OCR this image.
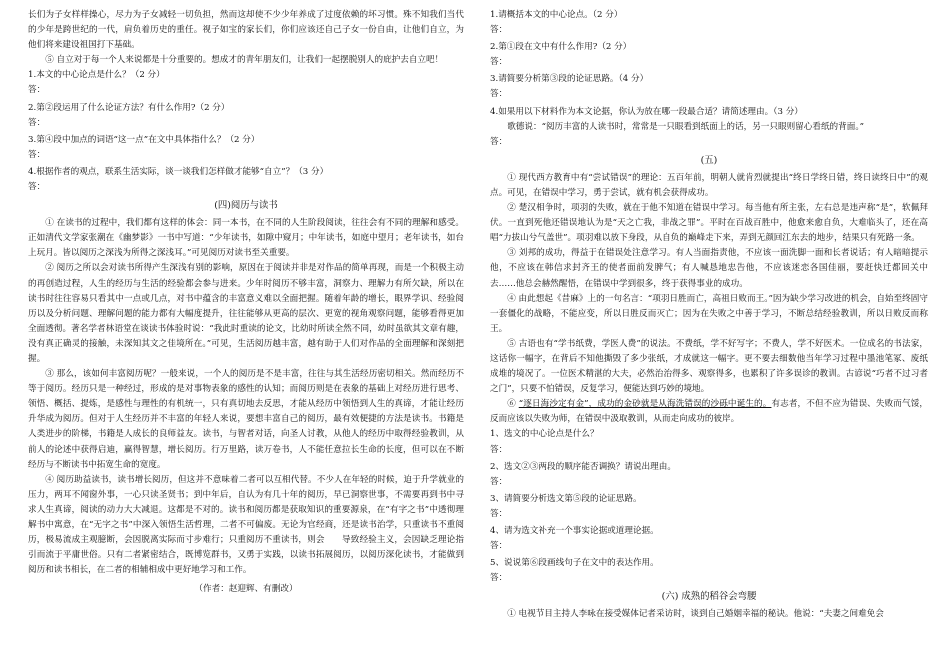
长们为子女样样操心，尽力为子女减轻一切负担，然而这却使不少少年养成了过度依赖的坏习惯。殊不知我们当代的少年是跨世纪的一代，肩负着历史的重任。视子如宝的家长们，你们应该还自己子女一份自由，让他们自立，为他们将来建设祖国打下基础。

⑤ 自立对于每一个人来说都是十分重要的。想成才的青年朋友们，让我们一起摆脱别人的庇护去自立吧！

1.本文的中心论点是什么？（2 分）

答：

2.第②段运用了什么论证方法？有什么作用?（2 分）

答：

3.第④段中加点的词语“这一点”在文中具体指什么？（2 分）

答：

4.根据作者的观点，联系生活实际，谈一谈我们怎样做才能够“自立”？（3 分）

答：

(四)阅历与读书

① 在读书的过程中，我们都有这样的体会：同一本书，在不同的人生阶段阅读，往往会有不同的理解和感受。正如清代文学家张潮在《幽梦影》一书中写道：“少年读书，如隙中窥月；中年读书，如庭中望月；老年读书，如台上玩月。皆以阅历之深浅为所得之深浅耳。”可见阅历对读书至关重要。

② 阅历之所以会对读书所得产生深浅有别的影响，原因在于阅读并非是对作品的简单再现，而是一个积极主动的再创造过程，人生的经历与生活的经验都会参与进来。少年时阅历不够丰富，洞察力、理解力有所欠缺，所以在读书时往往容易只看其中一点或几点，对书中蕴含的丰富意义难以全面把握。随着年龄的增长，眼界学识、经验阅历以及分析问题、理解问题的能力都有大幅度提升，往往能够从更高的层次、更宽的视角观察问题，能够看得更加全面透彻。著名学者林语堂在谈读书体验时说：“我此时重读的论文，比幼时所读全然不同，幼时虽欲其文章有趣，没有真正确灵的接触，未深知其文之佳境所在。”可见，生活阅历越丰富，越有助于人们对作品的全面理解和深刻把握。

③ 那么，该如何丰富阅历呢？一般来说，一个人的阅历是不是丰富，往往与其生活经历密切相关。然而经历不等于阅历。经历只是一种经过，形成的是对事物表象的感性的认知；而阅历则是在表象的基础上对经历进行思考、领悟、概括、提炼，是感性与理性的有机统一，只有真切地去反思，才能从经历中领悟到人生的真谛，才能让经历升华成为阅历。但对于人生经历并不丰富的年轻人来说，要想丰富自己的阅历，最有效便捷的方法是读书。书籍是人类进步的阶梯，书籍是人成长的良师益友。读书，与智者对话，向圣人讨教，从他人的经历中取得经验教训，从前人的论述中获得启迪，赢得智慧，增长阅历。行万里路，读万卷书，人不能任意拉长生命的长度，但可以在不断经历与不断读书中拓宽生命的宽度。

④ 阅历助益读书，读书增长阅历，但这并不意味着二者可以互相代替。不少人在年轻的时候，迫于升学就业的压力，两耳不闻窗外事，一心只读圣贤书；到中年后，自认为有几十年的阅历，早已洞察世事，不需要再到书中寻求人生真谛，阅读的动力大大减退。这都是不对的。读书和阅历都是获取知识的重要源泉，在“有字之书”中透彻理解书中寓意，在“无字之书”中深入领悟生活哲理，二者不可偏废。无论为官经商，还是读书治学，只重读书不重阅历，极易流成主观臆断，会因脱离实际而寸步难行；只重阅历不重读书，则会　　导致经验主义，会因缺乏理论指引而流于平庸世俗。只有二者紧密结合，既博览群书，又勇于实践，以读书拓展阅历，以阅历深化读书，才能做到阅历和读书相长，在二者的相辅相成中更好地学习和工作。

（作者：赵迎辉、有删改）

1.请概括本文的中心论点。（2 分）

答：

2.第①段在文中有什么作用?（2 分）

答：

3.请简要分析第③段的论证思路。（4 分）

答：

4.如果用以下材料作为本文论据，你认为放在哪一段最合适？请简述理由。（3 分）

歌德说：“阅历丰富的人读书时，常常是一只眼看到纸面上的话，另一只眼则留心看纸的背面。”

答：

(五)

① 现代西方教育中有“尝试错误”的理论：五百年前，明朝人就肯烈就提出“终日学终日错，终日读终日中”的观点。可见，在错误中学习，勇于尝试，就有机会获得成功。

② 楚汉相争时，项羽的失败，就在于他不知道在错误中学习。每当他有所主张，左右总是违声称“是”，软佩拜伏。一直到死他还错误地认为是“天之亡我，非战之罪”。平时在百战百胜中，他愈来愈自负，大难临头了，还在高唱“力拔山兮气盖世”。项羽难以放下身段，从自负的巅峰走下来，弄到无颜回江东去的地步，结果只有死路一条。

③ 刘邦的成功，得益于在错误处注意学习。有人当面指责他，不应该一面洗脚一面和长者说话；有人暗暗提示他，不应该在韩信求封齐王的使者面前发脾气；有人喊恳地忠告他，不应该迷恋各国佳丽，要赶快迁都回关中去……他总会赫然醒悟，在错误中学到很多，终于获得事业的成功。

④ 由此想起《昔麻》上的一句名言：“项羽日胜而亡，高祖日败而王。”因为缺少学习改进的机会，自始至终固守一套僵化的战略，不能应变，所以日胜反而灭亡；因为在失败之中善于学习，不断总结经验教训，所以日败反而称王。

⑤ 古语也有“学书纸费，学医人费”的说法。不费纸，学不好写字；不费人，学不好医术。一位成名的书法家，这话你一幅字，在背后不知他撕毁了多少张纸，才成就这一幅字。更不要去细数他当年学习过程中墨池笔冢、废纸成堆的境况了。一位医术精湛的大夫，必然治治得多、观察得多，也累积了许多误诊的教训。古谚说“巧者不过习者之门”，只要不怕错误，反复学习，便能达到巧妙的境地。

⑥ “逐日海沙定有金”，成功的金砂就是从海洗错误的沙砾中诞生的。有志者，不但不应为错误、失败而气馁，反而应该以失败为师，在错误中汲取教训，从而走向成功的彼岸。

1、选文的中心论点是什么？

答：

2、选文②③两段的顺序能否调换？请说出理由。

答：

3、请简要分析选文第⑤段的论证思路。

答：

4、请为选文补充一个事实论据或道理论据。

答：

5、说说第⑥段画线句子在文中的表达作用。

答：

(六) 成熟的稻谷会弯腰

① 电视节目主持人李咏在接受媒体记者采访时，谈到自己婚姻幸福的秘诀。他说：“夫妻之间难免会
